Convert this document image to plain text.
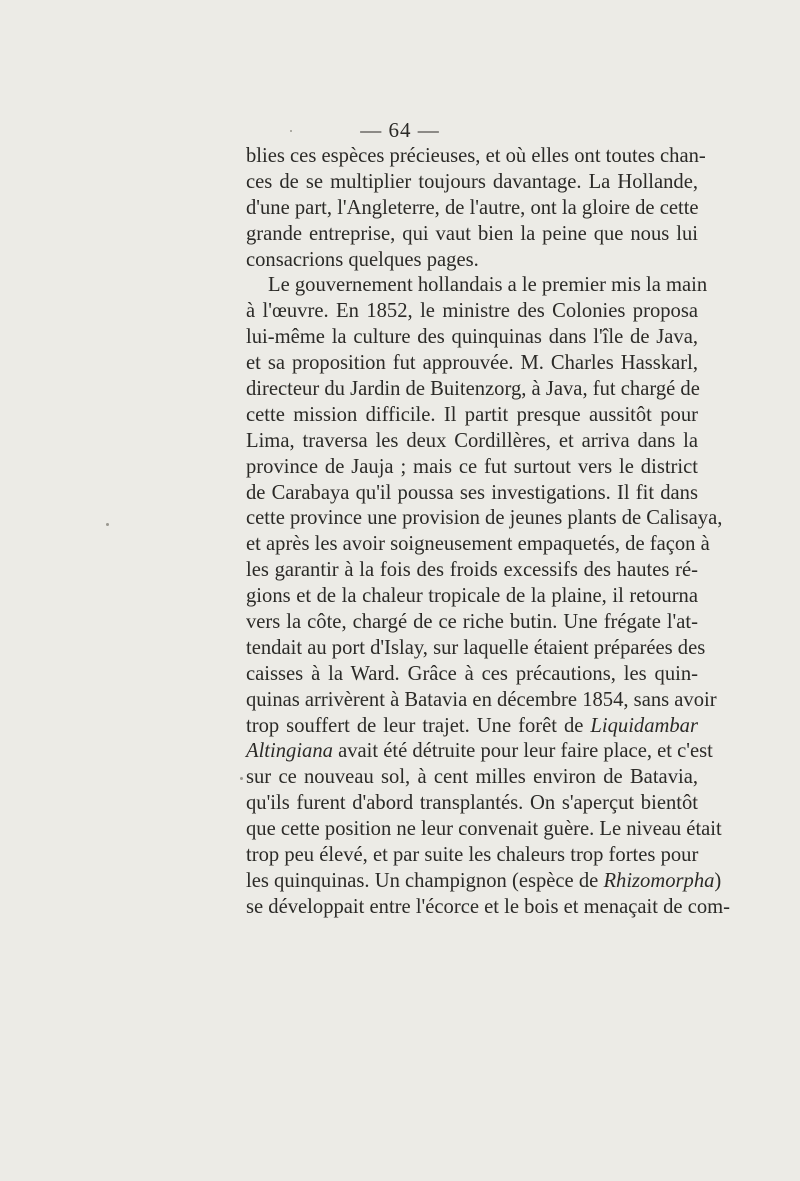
— 64 —
blies ces espèces précieuses, et où elles ont toutes chan-
ces de se multiplier toujours davantage. La Hollande,
d'une part, l'Angleterre, de l'autre, ont la gloire de cette
grande entreprise, qui vaut bien la peine que nous lui
consacrions quelques pages.
Le gouvernement hollandais a le premier mis la main
à l'œuvre. En 1852, le ministre des Colonies proposa
lui-même la culture des quinquinas dans l'île de Java,
et sa proposition fut approuvée. M. Charles Hasskarl,
directeur du Jardin de Buitenzorg, à Java, fut chargé de
cette mission difficile. Il partit presque aussitôt pour
Lima, traversa les deux Cordillères, et arriva dans la
province de Jauja ; mais ce fut surtout vers le district
de Carabaya qu'il poussa ses investigations. Il fit dans
cette province une provision de jeunes plants de Calisaya,
et après les avoir soigneusement empaquetés, de façon à
les garantir à la fois des froids excessifs des hautes ré-
gions et de la chaleur tropicale de la plaine, il retourna
vers la côte, chargé de ce riche butin. Une frégate l'at-
tendait au port d'Islay, sur laquelle étaient préparées des
caisses à la Ward. Grâce à ces précautions, les quin-
quinas arrivèrent à Batavia en décembre 1854, sans avoir
trop souffert de leur trajet. Une forêt de Liquidambar
Altingiana avait été détruite pour leur faire place, et c'est
sur ce nouveau sol, à cent milles environ de Batavia,
qu'ils furent d'abord transplantés. On s'aperçut bientôt
que cette position ne leur convenait guère. Le niveau était
trop peu élevé, et par suite les chaleurs trop fortes pour
les quinquinas. Un champignon (espèce de Rhizomorpha)
se développait entre l'écorce et le bois et menaçait de com-
